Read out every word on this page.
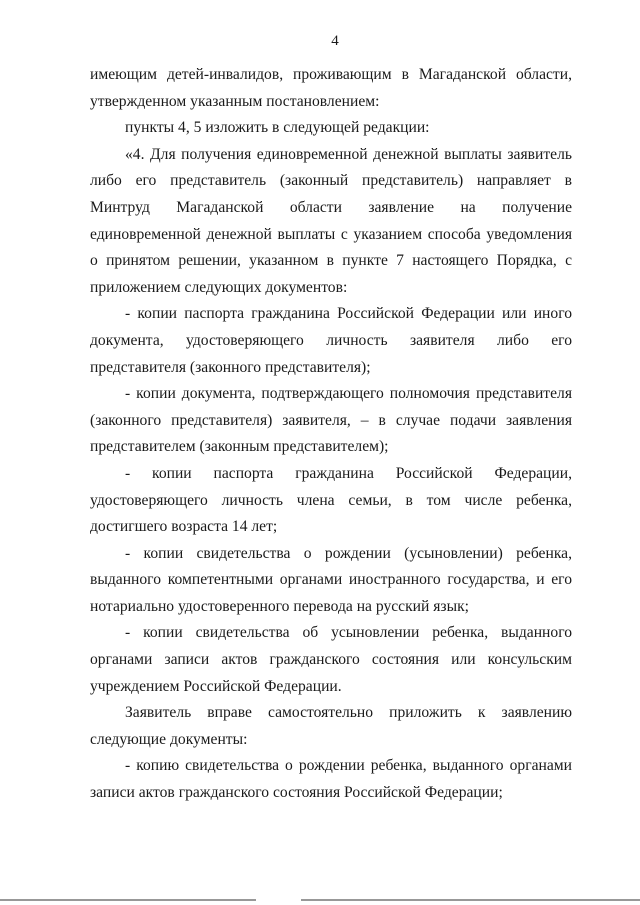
4

имеющим детей-инвалидов, проживающим в Магаданской области, утвержденном указанным постановлением:

пункты 4, 5 изложить в следующей редакции:

«4. Для получения единовременной денежной выплаты заявитель либо его представитель (законный представитель) направляет в Минтруд Магаданской области заявление на получение единовременной денежной выплаты с указанием способа уведомления о принятом решении, указанном в пункте 7 настоящего Порядка, с приложением следующих документов:

- копии паспорта гражданина Российской Федерации или иного документа, удостоверяющего личность заявителя либо его представителя (законного представителя);

- копии документа, подтверждающего полномочия представителя (законного представителя) заявителя, – в случае подачи заявления представителем (законным представителем);

- копии паспорта гражданина Российской Федерации, удостоверяющего личность члена семьи, в том числе ребенка, достигшего возраста 14 лет;

- копии свидетельства о рождении (усыновлении) ребенка, выданного компетентными органами иностранного государства, и его нотариально удостоверенного перевода на русский язык;

- копии свидетельства об усыновлении ребенка, выданного органами записи актов гражданского состояния или консульским учреждением Российской Федерации.

Заявитель вправе самостоятельно приложить к заявлению следующие документы:

- копию свидетельства о рождении ребенка, выданного органами записи актов гражданского состояния Российской Федерации;
